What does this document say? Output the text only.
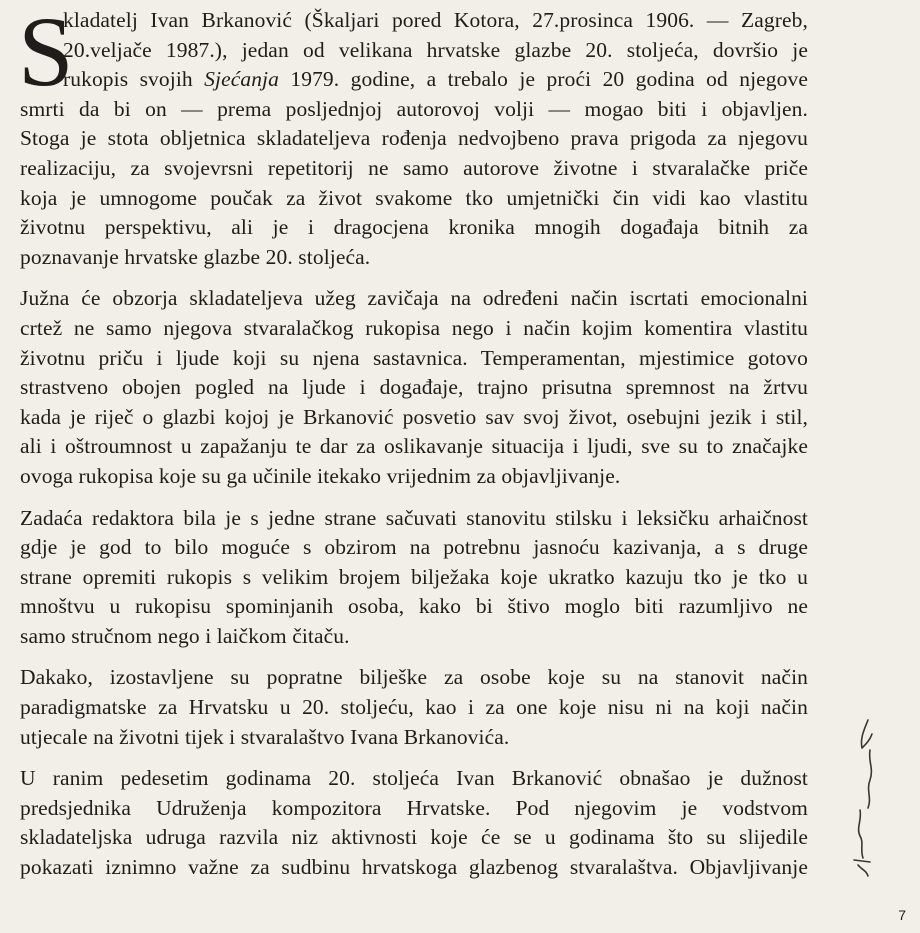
S
kladatelj Ivan Brkanović (Škaljari pored Kotora, 27.prosinca 1906. — Zagreb,
20.veljače 1987.), jedan od velikana hrvatske glazbe 20. stoljeća, dovršio je
rukopis svojih Sjećanja 1979. godine, a trebalo je proći 20 godina od njegove
smrti da bi on — prema posljednjoj autorovoj volji — mogao biti i objavljen.
Stoga je stota obljetnica skladateljeva rođenja nedvojbeno prava prigoda za njegovu
realizaciju, za svojevrsni repetitorij ne samo autorove životne i stvaralačke priče
koja je umnogome poučak za život svakome tko umjetnički čin vidi kao vlastitu
životnu perspektivu, ali je i dragocjena kronika mnogih događaja bitnih za
poznavanje hrvatske glazbe 20. stoljeća.
Južna će obzorja skladateljeva užeg zavičaja na određeni način iscrtati emocionalni
crtež ne samo njegova stvaralačkog rukopisa nego i način kojim komentira vlastitu
životnu priču i ljude koji su njena sastavnica. Temperamentan, mjestimice gotovo
strastveno obojen pogled na ljude i događaje, trajno prisutna spremnost na žrtvu
kada je riječ o glazbi kojoj je Brkanović posvetio sav svoj život, osebujni jezik i stil,
ali i oštroumnost u zapažanju te dar za oslikavanje situacija i ljudi, sve su to značajke
ovoga rukopisa koje su ga učinile itekako vrijednim za objavljivanje.
Zadaća redaktora bila je s jedne strane sačuvati stanovitu stilsku i leksičku arhaičnost
gdje je god to bilo moguće s obzirom na potrebnu jasnoću kazivanja, a s druge
strane opremiti rukopis s velikim brojem bilježaka koje ukratko kazuju tko je tko u
mnoštvu u rukopisu spominjanih osoba, kako bi štivo moglo biti razumljivo ne
samo stručnom nego i laičkom čitaču.
Dakako, izostavljene su popratne bilješke za osobe koje su na stanovit način
paradigmatske za Hrvatsku u 20. stoljeću, kao i za one koje nisu ni na koji način
utjecale na životni tijek i stvaralaštvo Ivana Brkanovića.
U ranim pedesetim godinama 20. stoljeća Ivan Brkanović obnašao je dužnost
predsjednika Udruženja kompozitora Hrvatske. Pod njegovim je vodstvom
skladateljska udruga razvila niz aktivnosti koje će se u godinama što su slijedile
pokazati iznimno važne za sudbinu hrvatskoga glazbenog stvaralaštva. Objavljivanje
7
